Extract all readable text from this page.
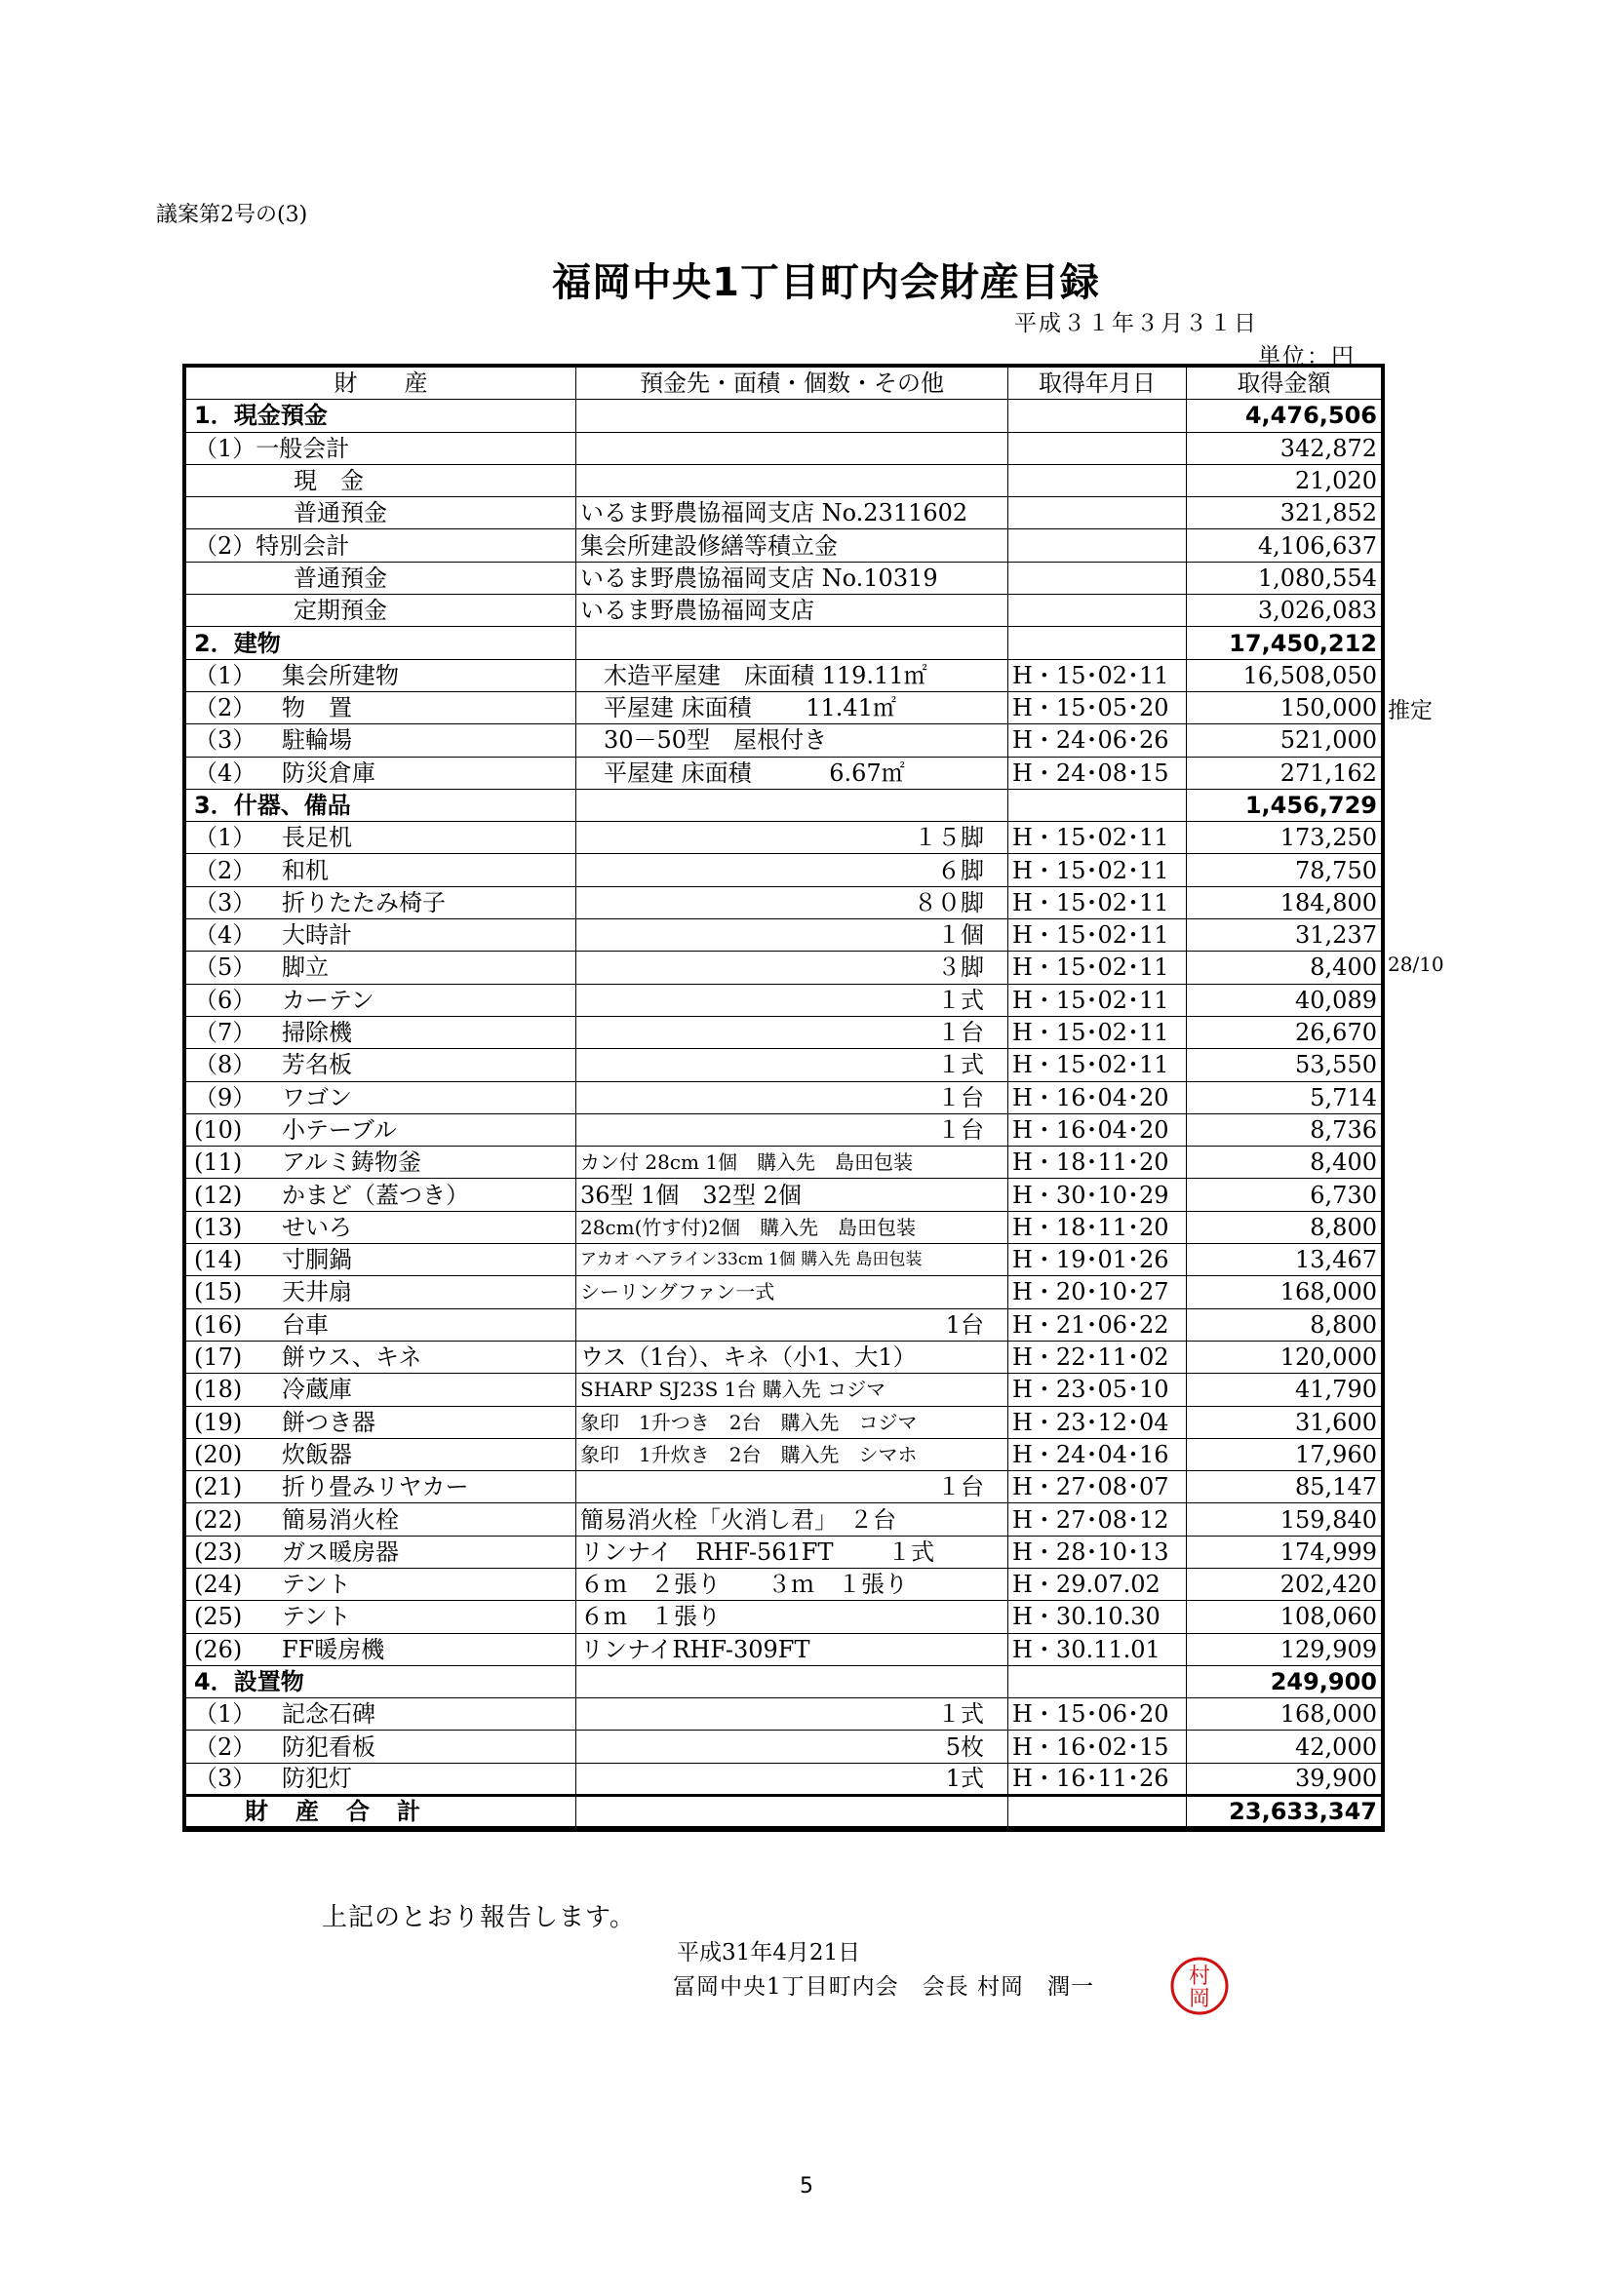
議案第2号の(3)
福岡中央1丁目町内会財産目録
平成３１年３月３１日
単位：円
財　　産	預金先・面積・個数・その他	取得年月日	取得金額
1．現金預金			4,476,506
（1）一般会計			342,872
現　金			21,020
普通預金	いるま野農協福岡支店 No.2311602		321,852
（2）特別会計	集会所建設修繕等積立金		4,106,637
普通預金	いるま野農協福岡支店 No.10319		1,080,554
定期預金	いるま野農協福岡支店		3,026,083
2．建物			17,450,212
（1） 集会所建物	　木造平屋建　床面積 119.11㎡	H・15･02･11	16,508,050
（2） 物　置	　平屋建 床面積　　 11.41㎡	H・15･05･20	150,000
（3） 駐輪場	　30－50型　屋根付き	H・24･06･26	521,000
（4） 防災倉庫	　平屋建 床面積　　　 6.67㎡	H・24･08･15	271,162
3．什器、備品			1,456,729
（1） 長足机	１５脚	H・15･02･11	173,250
（2） 和机	６脚	H・15･02･11	78,750
（3） 折りたたみ椅子	８０脚	H・15･02･11	184,800
（4） 大時計	１個	H・15･02･11	31,237
（5） 脚立	３脚	H・15･02･11	8,400
（6） カーテン	１式	H・15･02･11	40,089
（7） 掃除機	１台	H・15･02･11	26,670
（8） 芳名板	１式	H・15･02･11	53,550
（9） ワゴン	１台	H・16･04･20	5,714
(10) 小テーブル	１台	H・16･04･20	8,736
(11) アルミ鋳物釜	カン付 28cm 1個　購入先　島田包装	H・18･11･20	8,400
(12) かまど（蓋つき）	36型 1個　32型 2個	H・30･10･29	6,730
(13) せいろ	28cm(竹す付)2個　購入先　島田包装	H・18･11･20	8,800
(14) 寸胴鍋	アカオ ヘアライン33cm 1個 購入先 島田包装	H・19･01･26	13,467
(15) 天井扇	シーリングファン一式	H・20･10･27	168,000
(16) 台車	1台	H・21･06･22	8,800
(17) 餅ウス、キネ	ウス（1台）、キネ（小1、大1）	H・22･11･02	120,000
(18) 冷蔵庫	SHARP SJ23S 1台 購入先 コジマ	H・23･05･10	41,790
(19) 餅つき器	象印　1升つき　2台　購入先　コジマ	H・23･12･04	31,600
(20) 炊飯器	象印　1升炊き　2台　購入先　シマホ	H・24･04･16	17,960
(21) 折り畳みリヤカー	１台	H・27･08･07	85,147
(22) 簡易消火栓	簡易消火栓「火消し君」　２台	H・27･08･12	159,840
(23) ガス暖房器	リンナイ　RHF-561FT　　 １式	H・28･10･13	174,999
(24) テント	６ｍ　２張り　　３ｍ　１張り	H・29.07.02	202,420
(25) テント	６ｍ　１張り	H・30.10.30	108,060
(26) FF暖房機	リンナイRHF-309FT	H・30.11.01	129,909
4．設置物			249,900
（1） 記念石碑	１式	H・15･06･20	168,000
（2） 防犯看板	5枚	H・16･02･15	42,000
（3） 防犯灯	1式	H・16･11･26	39,900
財　産　合　計			23,633,347
推定
28/10
上記のとおり報告します。
平成31年4月21日
冨岡中央1丁目町内会　会長 村岡　潤一	村
岡
5
